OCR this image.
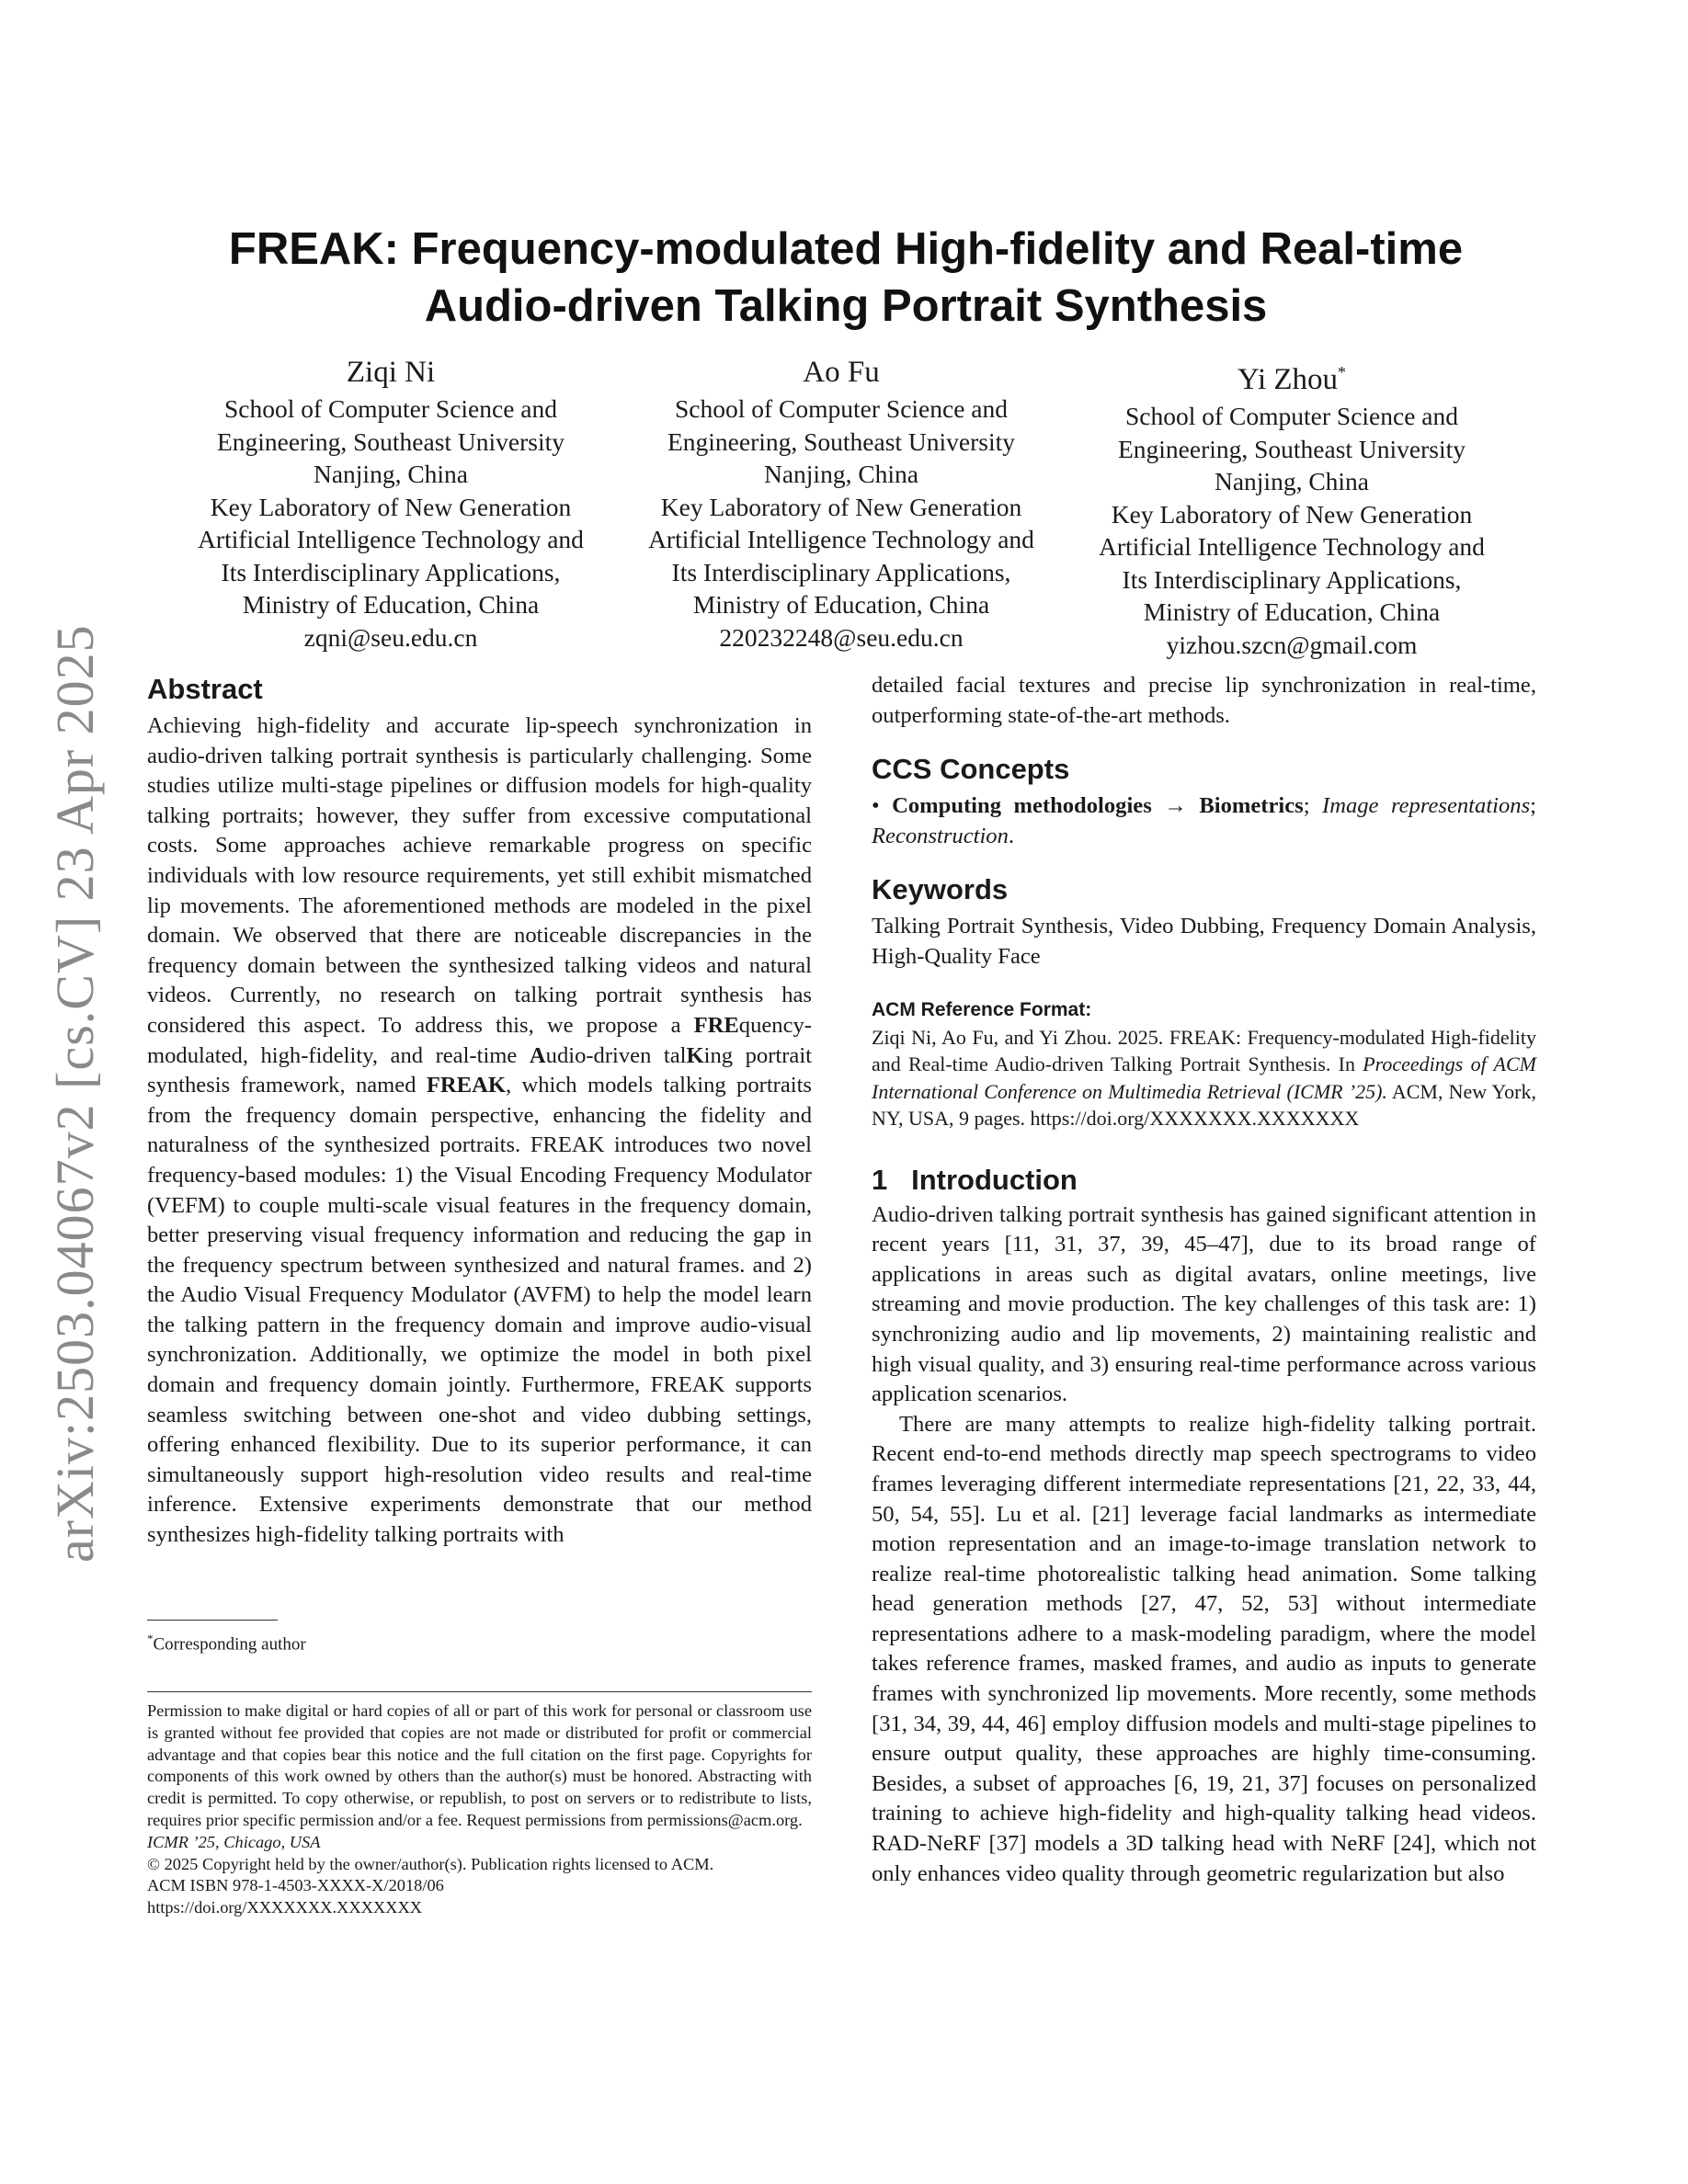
arXiv:2503.04067v2 [cs.CV] 23 Apr 2025
FREAK: Frequency-modulated High-fidelity and Real-time
Audio-driven Talking Portrait Synthesis
Ziqi Ni
School of Computer Science and
Engineering, Southeast University
Nanjing, China
Key Laboratory of New Generation
Artificial Intelligence Technology and
Its Interdisciplinary Applications,
Ministry of Education, China
zqni@seu.edu.cn
Ao Fu
School of Computer Science and
Engineering, Southeast University
Nanjing, China
Key Laboratory of New Generation
Artificial Intelligence Technology and
Its Interdisciplinary Applications,
Ministry of Education, China
220232248@seu.edu.cn
Yi Zhou*
School of Computer Science and
Engineering, Southeast University
Nanjing, China
Key Laboratory of New Generation
Artificial Intelligence Technology and
Its Interdisciplinary Applications,
Ministry of Education, China
yizhou.szcn@gmail.com
Abstract

Achieving high-fidelity and accurate lip-speech synchronization in audio-driven talking portrait synthesis is particularly challenging. Some studies utilize multi-stage pipelines or diffusion models for high-quality talking portraits; however, they suffer from excessive computational costs. Some approaches achieve remarkable progress on specific individuals with low resource requirements, yet still exhibit mismatched lip movements. The aforementioned methods are modeled in the pixel domain. We observed that there are noticeable discrepancies in the frequency domain between the synthesized talking videos and natural videos. Currently, no research on talking portrait synthesis has considered this aspect. To address this, we propose a FREquency-modulated, high-fidelity, and real-time Audio-driven talKing portrait synthesis framework, named FREAK, which models talking portraits from the frequency domain perspective, enhancing the fidelity and naturalness of the synthesized portraits. FREAK introduces two novel frequency-based modules: 1) the Visual Encoding Frequency Modulator (VEFM) to couple multi-scale visual features in the frequency domain, better preserving visual frequency information and reducing the gap in the frequency spectrum between synthesized and natural frames. and 2) the Audio Visual Frequency Modulator (AVFM) to help the model learn the talking pattern in the frequency domain and improve audio-visual synchronization. Additionally, we optimize the model in both pixel domain and frequency domain jointly. Furthermore, FREAK supports seamless switching between one-shot and video dubbing settings, offering enhanced flexibility. Due to its superior performance, it can simultaneously support high-resolution video results and real-time inference. Extensive experiments demonstrate that our method synthesizes high-fidelity talking portraits with

*Corresponding author

Permission to make digital or hard copies of all or part of this work for personal or classroom use is granted without fee provided that copies are not made or distributed for profit or commercial advantage and that copies bear this notice and the full citation on the first page. Copyrights for components of this work owned by others than the author(s) must be honored. Abstracting with credit is permitted. To copy otherwise, or republish, to post on servers or to redistribute to lists, requires prior specific permission and/or a fee. Request permissions from permissions@acm.org.

ICMR ’25, Chicago, USA

© 2025 Copyright held by the owner/author(s). Publication rights licensed to ACM.

ACM ISBN 978-1-4503-XXXX-X/2018/06

https://doi.org/XXXXXXX.XXXXXXX

detailed facial textures and precise lip synchronization in real-time, outperforming state-of-the-art methods.

CCS Concepts

• Computing methodologies → Biometrics; Image representations; Reconstruction.

Keywords

Talking Portrait Synthesis, Video Dubbing, Frequency Domain Analysis, High-Quality Face

ACM Reference Format:

Ziqi Ni, Ao Fu, and Yi Zhou. 2025. FREAK: Frequency-modulated High-fidelity and Real-time Audio-driven Talking Portrait Synthesis. In Proceedings of ACM International Conference on Multimedia Retrieval (ICMR ’25). ACM, New York, NY, USA, 9 pages. https://doi.org/XXXXXXX.XXXXXXX

1   Introduction

Audio-driven talking portrait synthesis has gained significant attention in recent years [11, 31, 37, 39, 45–47], due to its broad range of applications in areas such as digital avatars, online meetings, live streaming and movie production. The key challenges of this task are: 1) synchronizing audio and lip movements, 2) maintaining realistic and high visual quality, and 3) ensuring real-time performance across various application scenarios.

There are many attempts to realize high-fidelity talking portrait. Recent end-to-end methods directly map speech spectrograms to video frames leveraging different intermediate representations [21, 22, 33, 44, 50, 54, 55]. Lu et al. [21] leverage facial landmarks as intermediate motion representation and an image-to-image translation network to realize real-time photorealistic talking head animation. Some talking head generation methods [27, 47, 52, 53] without intermediate representations adhere to a mask-modeling paradigm, where the model takes reference frames, masked frames, and audio as inputs to generate frames with synchronized lip movements. More recently, some methods [31, 34, 39, 44, 46] employ diffusion models and multi-stage pipelines to ensure output quality, these approaches are highly time-consuming. Besides, a subset of approaches [6, 19, 21, 37] focuses on personalized training to achieve high-fidelity and high-quality talking head videos. RAD-NeRF [37] models a 3D talking head with NeRF [24], which not only enhances video quality through geometric regularization but also
